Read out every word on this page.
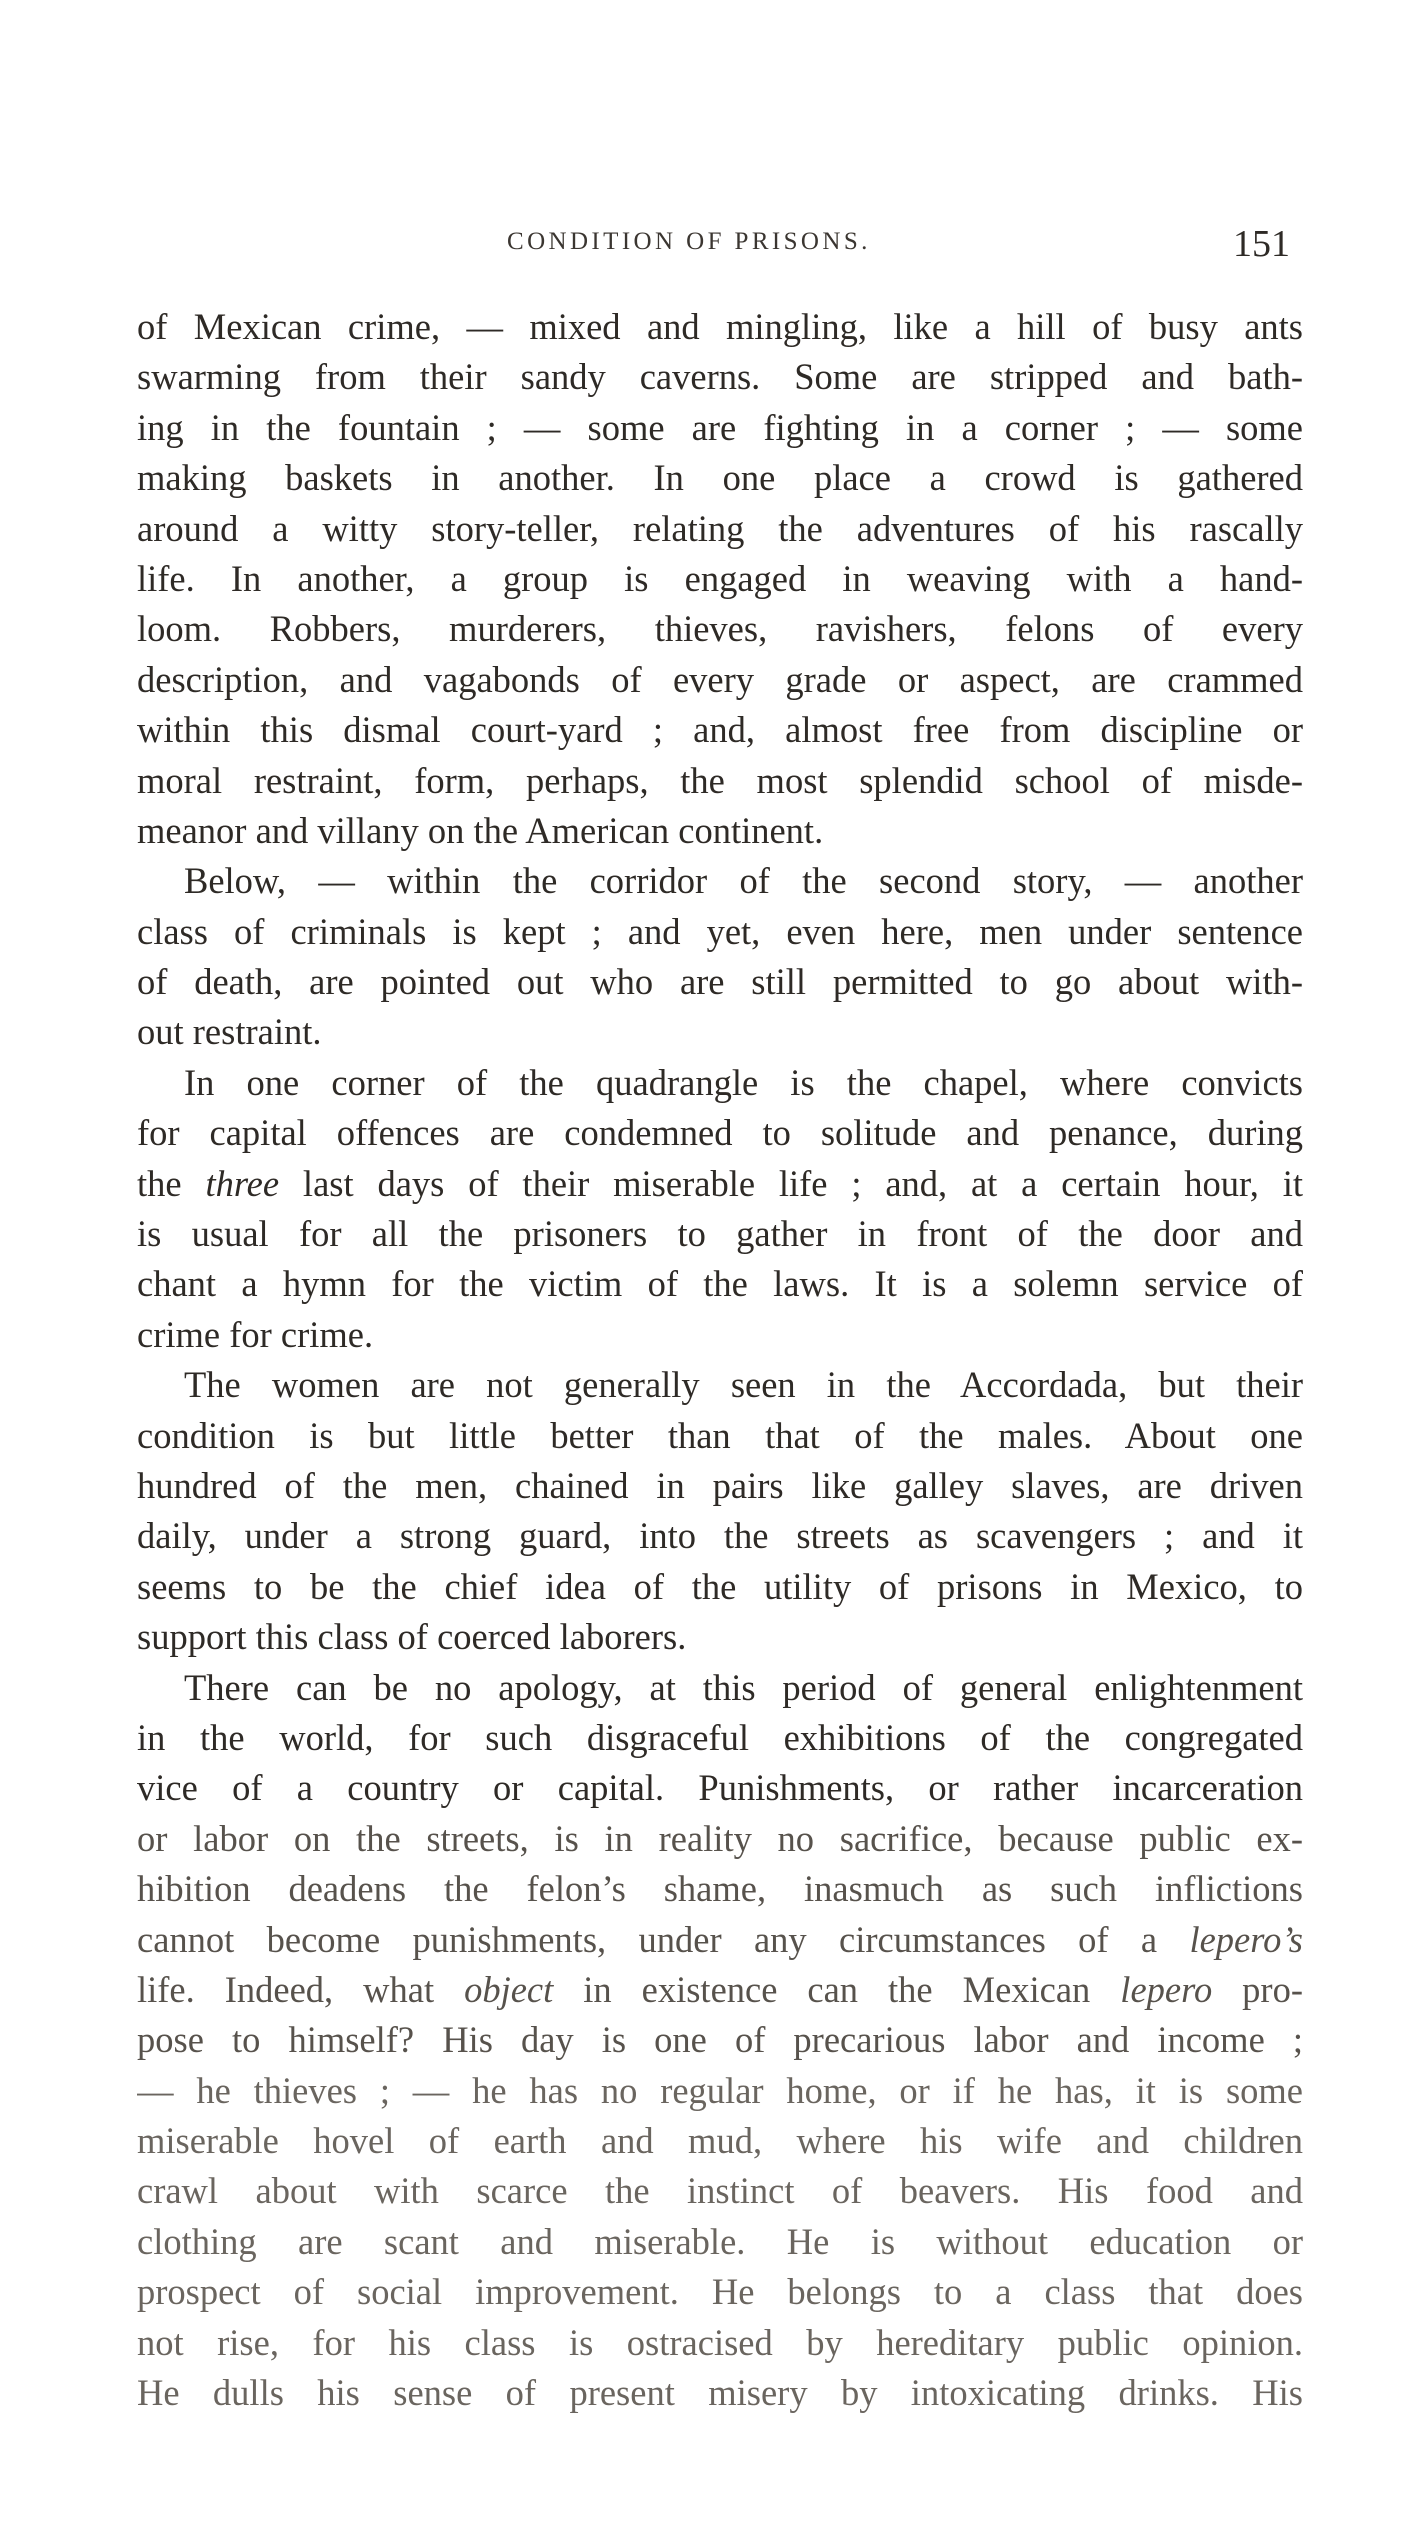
CONDITION OF PRISONS.	151
of Mexican crime, — mixed and mingling, like a hill of busy ants
swarming from their sandy caverns. Some are stripped and bath-
ing in the fountain ; — some are fighting in a corner ; — some
making baskets in another. In one place a crowd is gathered
around a witty story-teller, relating the adventures of his rascally
life. In another, a group is engaged in weaving with a hand-
loom. Robbers, murderers, thieves, ravishers, felons of every
description, and vagabonds of every grade or aspect, are crammed
within this dismal court-yard ; and, almost free from discipline or
moral restraint, form, perhaps, the most splendid school of misde-
meanor and villany on the American continent.
Below, — within the corridor of the second story, — another
class of criminals is kept ; and yet, even here, men under sentence
of death, are pointed out who are still permitted to go about with-
out restraint.
In one corner of the quadrangle is the chapel, where convicts
for capital offences are condemned to solitude and penance, during
the three last days of their miserable life ; and, at a certain hour, it
is usual for all the prisoners to gather in front of the door and
chant a hymn for the victim of the laws. It is a solemn service of
crime for crime.
The women are not generally seen in the Accordada, but their
condition is but little better than that of the males. About one
hundred of the men, chained in pairs like galley slaves, are driven
daily, under a strong guard, into the streets as scavengers ; and it
seems to be the chief idea of the utility of prisons in Mexico, to
support this class of coerced laborers.
There can be no apology, at this period of general enlightenment
in the world, for such disgraceful exhibitions of the congregated
vice of a country or capital. Punishments, or rather incarceration
or labor on the streets, is in reality no sacrifice, because public ex-
hibition deadens the felon’s shame, inasmuch as such inflictions
cannot become punishments, under any circumstances of a lepero’s
life. Indeed, what object in existence can the Mexican lepero pro-
pose to himself? His day is one of precarious labor and income ;
— he thieves ; — he has no regular home, or if he has, it is some
miserable hovel of earth and mud, where his wife and children
crawl about with scarce the instinct of beavers. His food and
clothing are scant and miserable. He is without education or
prospect of social improvement. He belongs to a class that does
not rise, for his class is ostracised by hereditary public opinion.
He dulls his sense of present misery by intoxicating drinks. His
